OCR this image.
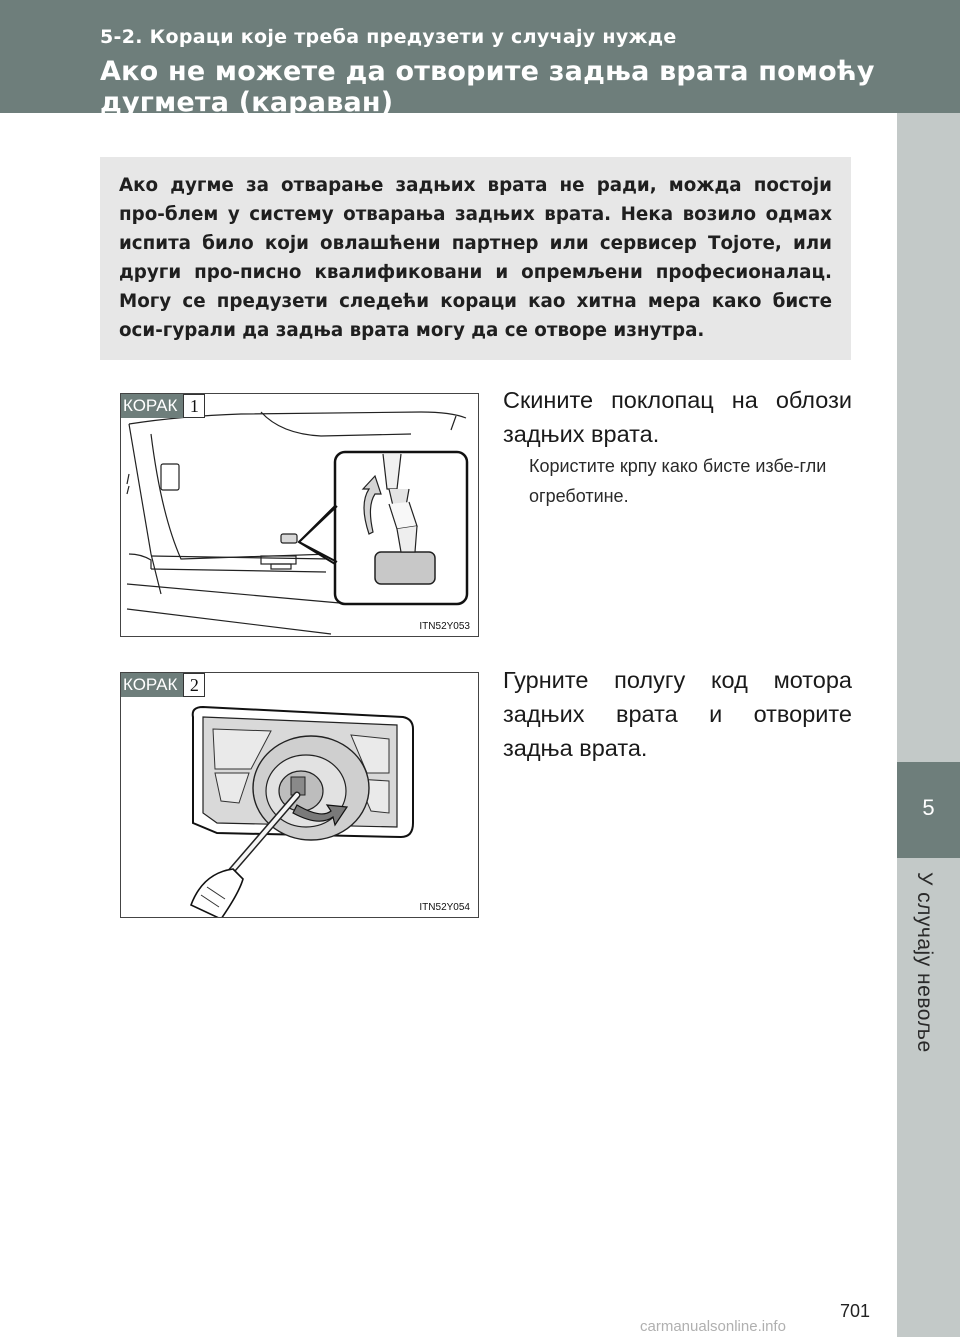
5-2. Кораци које треба предузети у случају нужде
Ако не можете да отворите задња врата помоћу
дугмета (караван)
5
У случају невоље

Ако дугме за отварање задњих врата не ради, можда постоји про-блем у систему отварања задњих врата. Нека возило одмах испита било који овлашћени партнер или сервисер Тојоте, или други про-писно квалификовани и опремљени професионалац. Могу се предузети следећи кораци као хитна мера како бисте оси-гурали да задња врата могу да се отворе изнутра.

КОРАК 1
ITN52Y053

Скините поклопац на облози задњих врата.

Користите крпу како бисте избе-гли огреботине.

КОРАК 2
ITN52Y054

Гурните полугу код мотора задњих врата и отворите задња врата.

701
carmanualsonline.info
